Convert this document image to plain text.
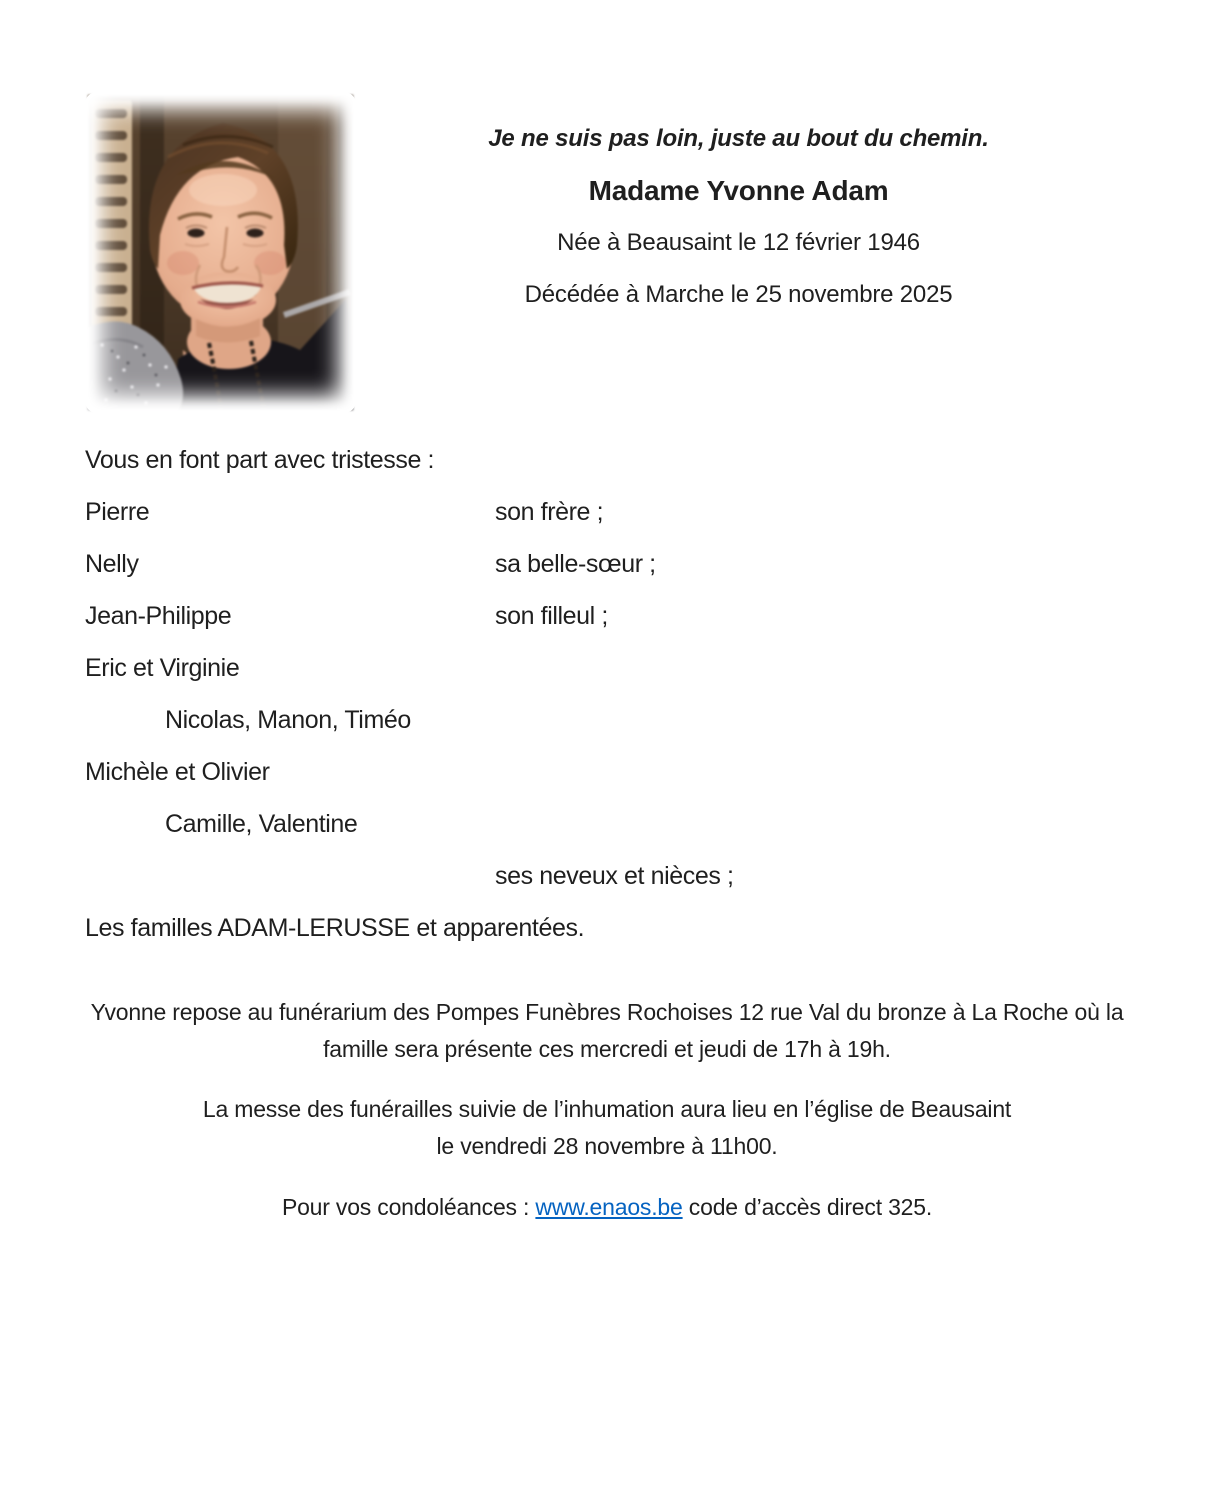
Je ne suis pas loin, juste au bout du chemin.
Madame Yvonne Adam
Née à Beausaint le 12 février 1946
Décédée à Marche le 25 novembre 2025
Vous en font part avec tristesse :
Pierre	son frère ;
Nelly	sa belle-sœur ;
Jean-Philippe	son filleul ;
Eric et Virginie
Nicolas, Manon, Timéo
Michèle et Olivier
Camille, Valentine
ses neveux et nièces ;
Les familles ADAM-LERUSSE et apparentées.

Yvonne repose au funérarium des Pompes Funèbres Rochoises 12 rue Val du bronze à La Roche où la
famille sera présente ces mercredi et jeudi de 17h à 19h.

La messe des funérailles suivie de l’inhumation aura lieu en l’église de Beausaint
le vendredi 28 novembre à 11h00.

Pour vos condoléances : www.enaos.be code d’accès direct 325.
